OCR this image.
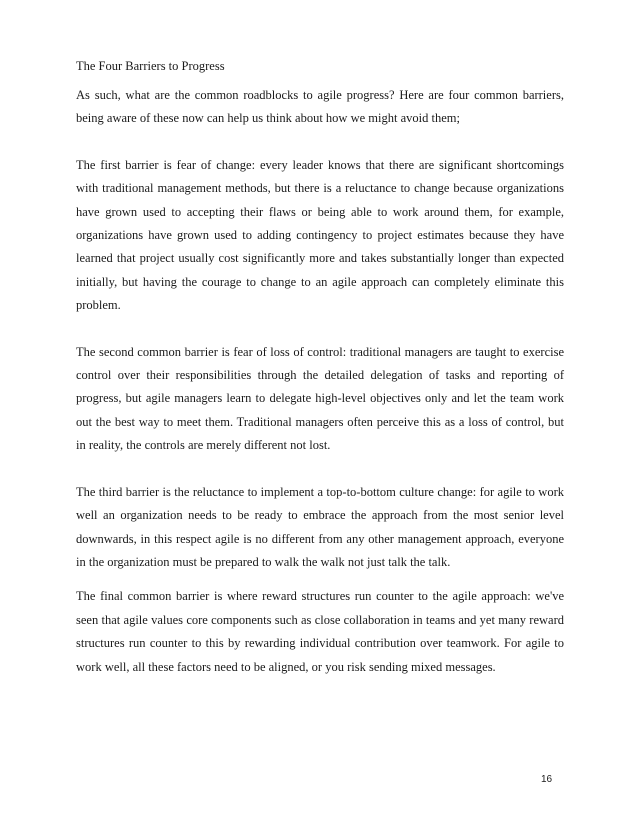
The Four Barriers to Progress

As such, what are the common roadblocks to agile progress? Here are four common barriers, being aware of these now can help us think about how we might avoid them;

The first barrier is fear of change: every leader knows that there are significant shortcomings with traditional management methods, but there is a reluctance to change because organizations have grown used to accepting their flaws or being able to work around them, for example, organizations have grown used to adding contingency to project estimates because they have learned that project usually cost significantly more and takes substantially longer than expected initially, but having the courage to change to an agile approach can completely eliminate this problem.

The second common barrier is fear of loss of control: traditional managers are taught to exercise control over their responsibilities through the detailed delegation of tasks and reporting of progress, but agile managers learn to delegate high-level objectives only and let the team work out the best way to meet them. Traditional managers often perceive this as a loss of control, but in reality, the controls are merely different not lost.

The third barrier is the reluctance to implement a top-to-bottom culture change: for agile to work well an organization needs to be ready to embrace the approach from the most senior level downwards, in this respect agile is no different from any other management approach, everyone in the organization must be prepared to walk the walk not just talk the talk.

The final common barrier is where reward structures run counter to the agile approach: we've seen that agile values core components such as close collaboration in teams and yet many reward structures run counter to this by rewarding individual contribution over teamwork. For agile to work well, all these factors need to be aligned, or you risk sending mixed messages.

16
